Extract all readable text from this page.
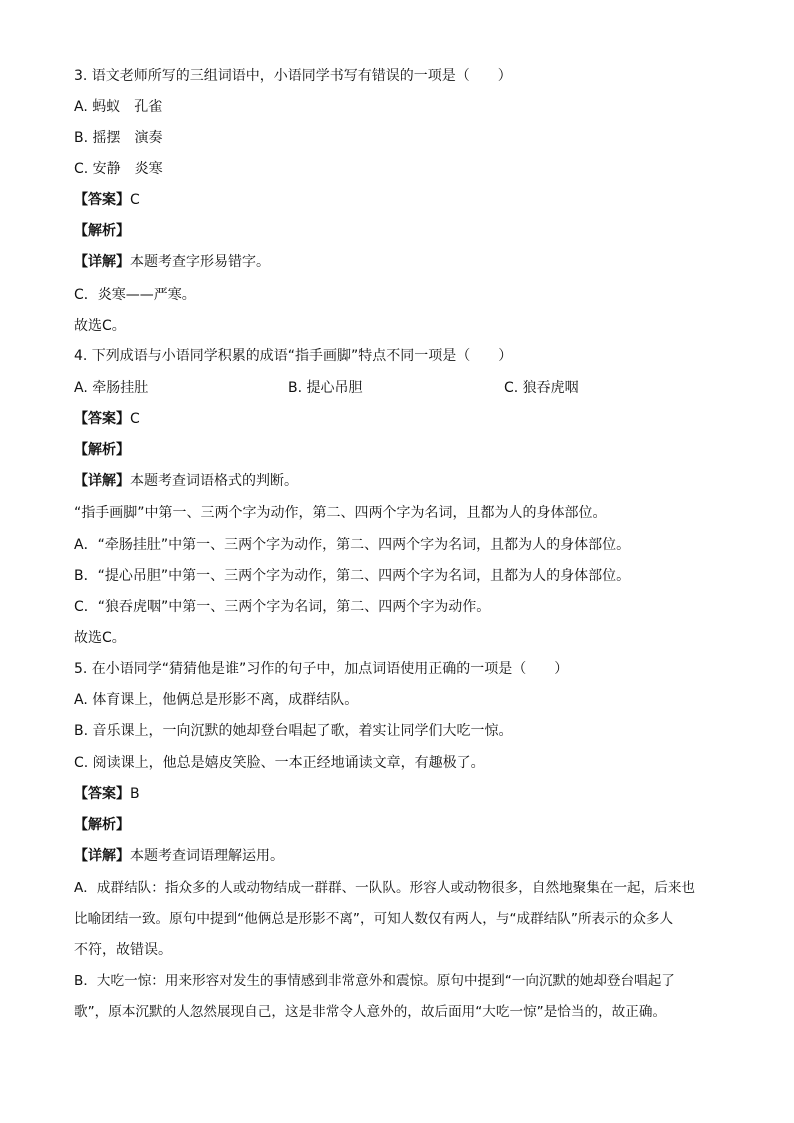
3. 语文老师所写的三组词语中，小语同学书写有错误的一项是（　　）
A. 蚂蚁　孔雀
B. 摇摆　演奏
C. 安静　炎寒
【答案】C
【解析】
【详解】本题考查字形易错字。
C．炎寒——严寒。
故选C。
4. 下列成语与小语同学积累的成语“指手画脚”特点不同一项是（　　）
A. 牵肠挂肚	B. 提心吊胆	C. 狼吞虎咽
【答案】C
【解析】
【详解】本题考查词语格式的判断。
“指手画脚”中第一、三两个字为动作，第二、四两个字为名词，且都为人的身体部位。
A．“牵肠挂肚”中第一、三两个字为动作，第二、四两个字为名词，且都为人的身体部位。
B．“提心吊胆”中第一、三两个字为动作，第二、四两个字为名词，且都为人的身体部位。
C．“狼吞虎咽”中第一、三两个字为名词，第二、四两个字为动作。
故选C。
5. 在小语同学“猜猜他是谁”习作的句子中，加点词语使用正确的一项是（　　）
A. 体育课上，他俩总是形影不离，成群结队。
B. 音乐课上，一向沉默的她却登台唱起了歌，着实让同学们大吃一惊。
C. 阅读课上，他总是嬉皮笑脸、一本正经地诵读文章，有趣极了。
【答案】B
【解析】
【详解】本题考查词语理解运用。
A．成群结队：指众多的人或动物结成一群群、一队队。形容人或动物很多，自然地聚集在一起，后来也
比喻团结一致。原句中提到“他俩总是形影不离”，可知人数仅有两人，与“成群结队”所表示的众多人
不符，故错误。
B．大吃一惊：用来形容对发生的事情感到非常意外和震惊。原句中提到“一向沉默的她却登台唱起了
歌”，原本沉默的人忽然展现自己，这是非常令人意外的，故后面用“大吃一惊”是恰当的，故正确。
